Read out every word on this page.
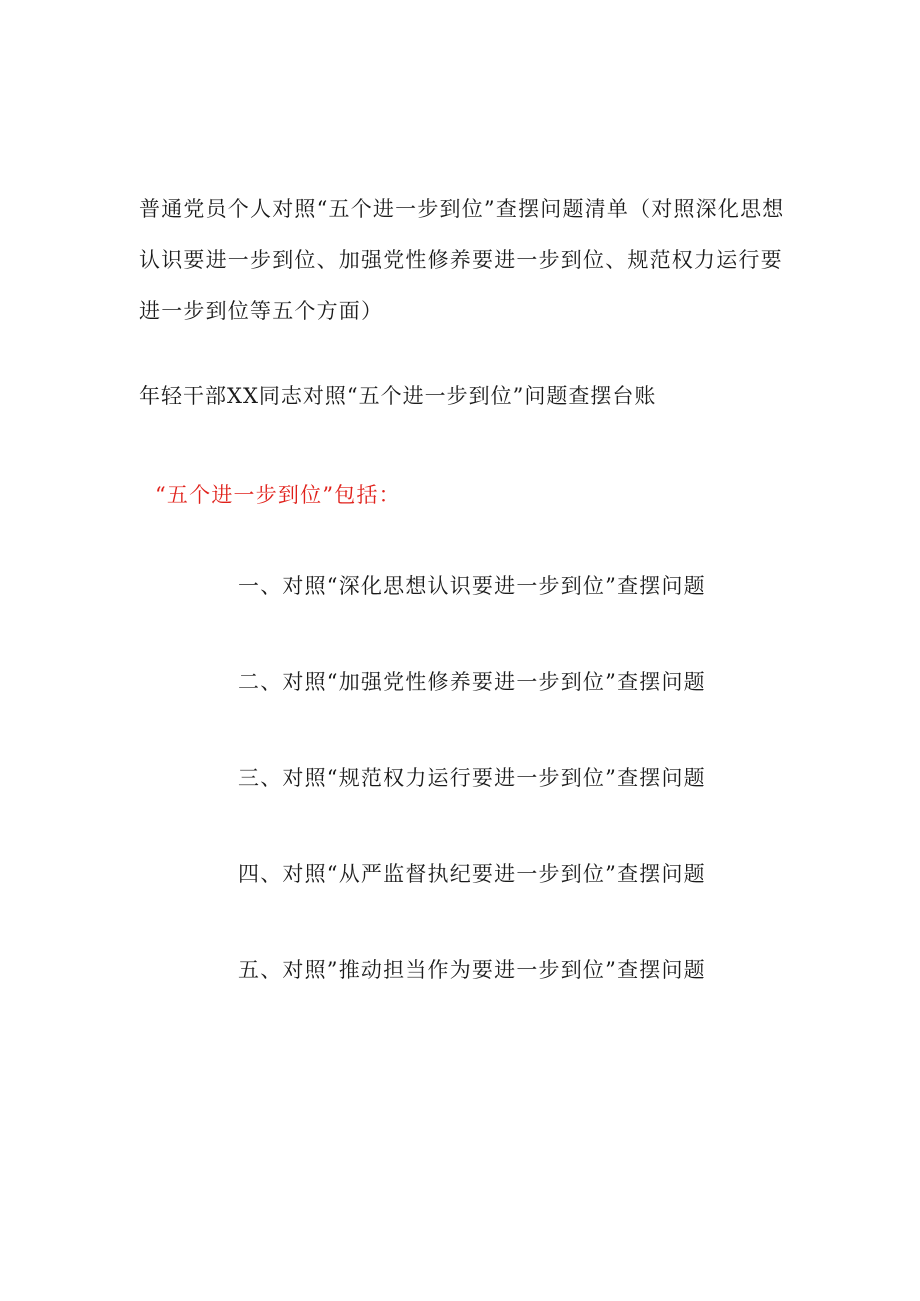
普通党员个人对照“五个进一步到位”查摆问题清单（对照深化思想认识要进一步到位、加强党性修养要进一步到位、规范权力运行要进一步到位等五个方面）

年轻干部XX同志对照“五个进一步到位”问题查摆台账

“五个进一步到位”包括：

一、对照“深化思想认识要进一步到位”查摆问题
二、对照“加强党性修养要进一步到位”查摆问题
三、对照“规范权力运行要进一步到位”查摆问题
四、对照“从严监督执纪要进一步到位”查摆问题
五、对照”推动担当作为要进一步到位”查摆问题
